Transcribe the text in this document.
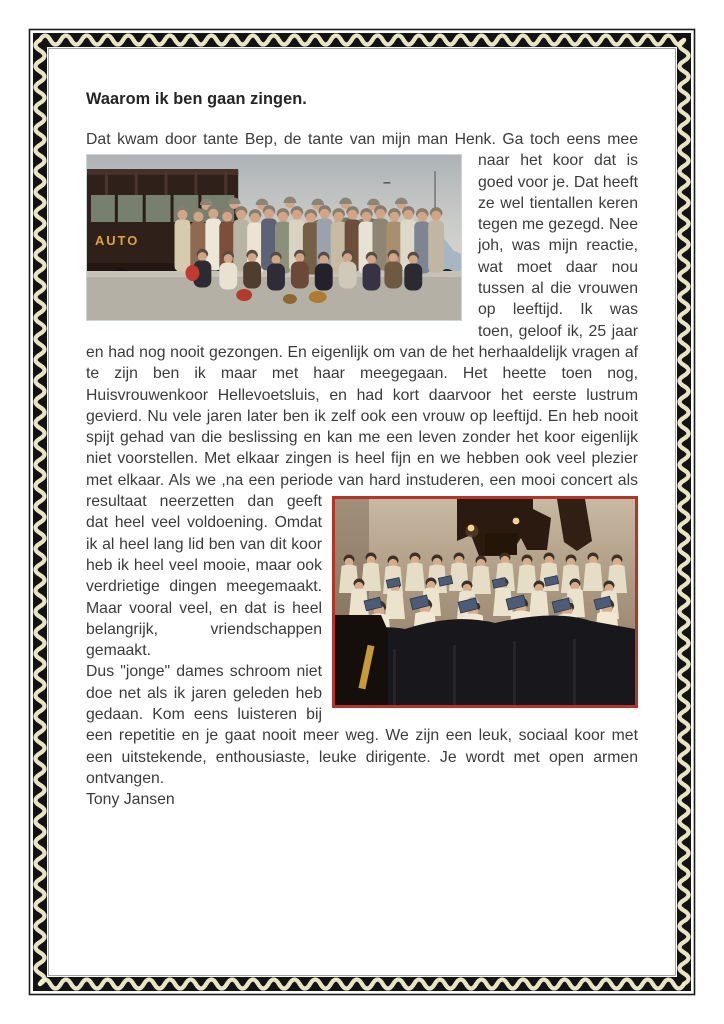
Waarom ik ben gaan zingen.

Dat kwam door tante Bep, de tante van mijn man Henk. Ga toch eens mee
AUTO
naar het koor dat is goed voor je. Dat heeft ze wel tientallen keren tegen me gezegd. Nee joh, was mijn reactie, wat moet daar nou tussen al die vrouwen op leeftijd. Ik was toen, geloof ik, 25 jaar en had nog nooit gezongen. En eigenlijk om van de het herhaaldelijk vragen af te zijn ben ik maar met haar meegegaan. Het heette toen nog, Huisvrouwenkoor Hellevoetsluis, en had kort daarvoor het eerste lustrum gevierd. Nu vele jaren later ben ik zelf ook een vrouw op leeftijd. En heb nooit spijt gehad van die beslissing en kan me een leven zonder het koor eigenlijk niet voorstellen. Met elkaar zingen is heel fijn en we hebben ook veel plezier met elkaar. Als we ,na een periode van hard instuderen, een mooi concert als
resultaat neerzetten dan geeft dat heel veel voldoening. Omdat ik al heel lang lid ben van dit koor heb ik heel veel mooie, maar ook verdrietige dingen meegemaakt. Maar vooral veel, en dat is heel belangrijk, vriendschappen gemaakt.

Dus "jonge" dames schroom niet doe net als ik jaren geleden heb gedaan. Kom eens luisteren bij een repetitie en je gaat nooit meer weg. We zijn een leuk, sociaal koor met een uitstekende, enthousiaste, leuke dirigente. Je wordt met open armen ontvangen.

Tony Jansen
